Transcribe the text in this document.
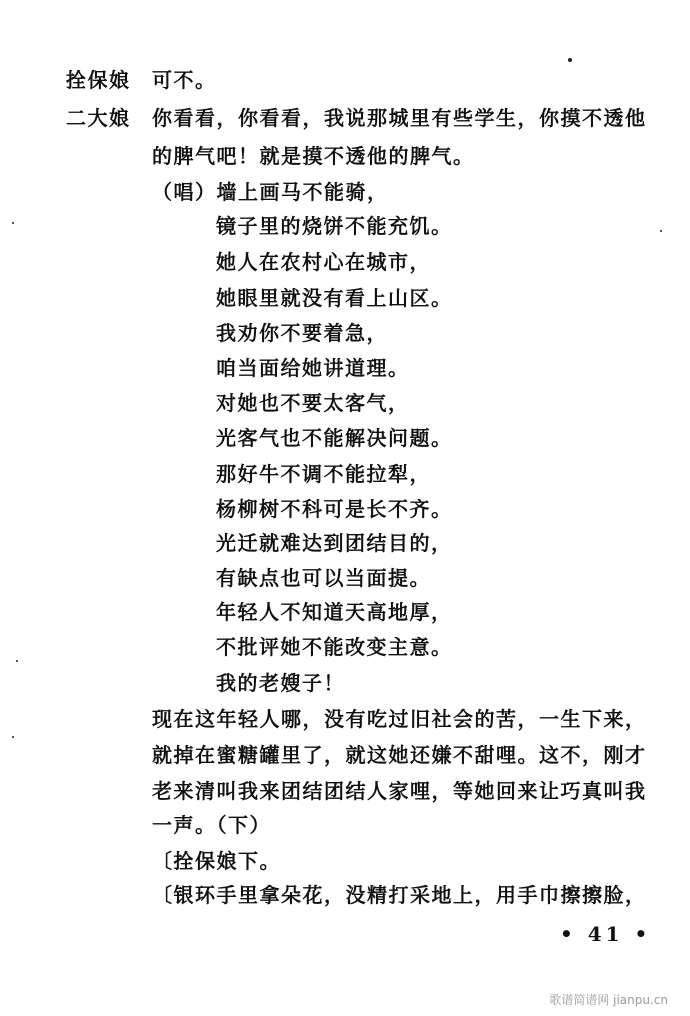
拴保娘 可不。
二大娘 你看看，你看看，我说那城里有些学生，你摸不透他
的脾气吧！就是摸不透他的脾气。
（唱）墙上画马不能骑，
镜子里的烧饼不能充饥。
她人在农村心在城市，
她眼里就没有看上山区。
我劝你不要着急，
咱当面给她讲道理。
对她也不要太客气，
光客气也不能解决问题。
那好牛不调不能拉犁，
杨柳树不科可是长不齐。
光迁就难达到团结目的，
有缺点也可以当面提。
年轻人不知道天高地厚，
不批评她不能改变主意。
我的老嫂子！
现在这年轻人哪，没有吃过旧社会的苦，一生下来，
就掉在蜜糖罐里了，就这她还嫌不甜哩。这不，刚才
老来清叫我来团结团结人家哩，等她回来让巧真叫我
一声。（下）
〔拴保娘下。
〔银环手里拿朵花，没精打采地上，用手巾擦擦脸，
• 41 •
歌谱简谱网 jianpu.cn
